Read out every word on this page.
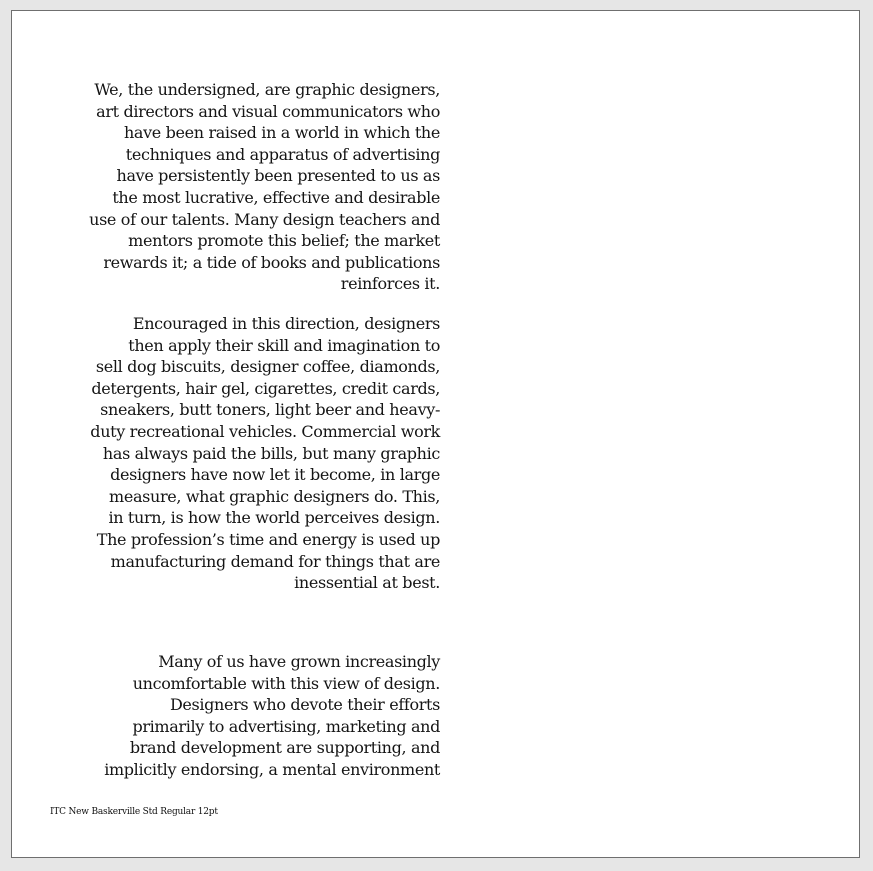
We, the undersigned, are graphic designers,
art directors and visual communicators who
have been raised in a world in which the
techniques and apparatus of advertising
have persistently been presented to us as
the most lucrative, effective and desirable
use of our talents. Many design teachers and
mentors promote this belief; the market
rewards it; a tide of books and publications
reinforces it.
Encouraged in this direction, designers
then apply their skill and imagination to
sell dog biscuits, designer coffee, diamonds,
detergents, hair gel, cigarettes, credit cards,
sneakers, butt toners, light beer and heavy-
duty recreational vehicles. Commercial work
has always paid the bills, but many graphic
designers have now let it become, in large
measure, what graphic designers do. This,
in turn, is how the world perceives design.
The profession’s time and energy is used up
manufacturing demand for things that are
inessential at best.
Many of us have grown increasingly
uncomfortable with this view of design.
Designers who devote their efforts
primarily to advertising, marketing and
brand development are supporting, and
implicitly endorsing, a mental environment
ITC New Baskerville Std Regular 12pt
